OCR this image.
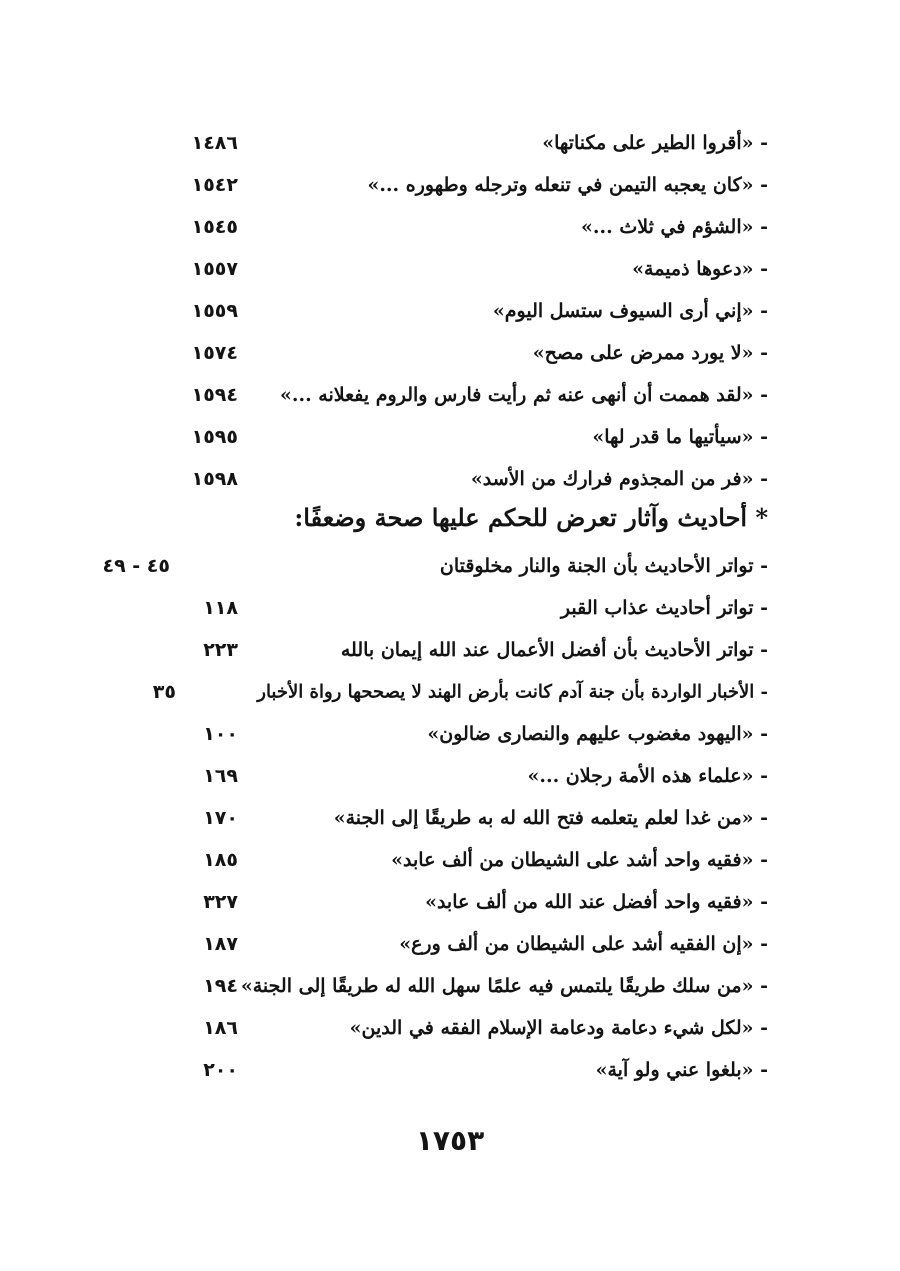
- «أقروا الطير على مكناتها»
١٤٨٦
- «كان يعجبه التيمن في تنعله وترجله وطهوره ...»
١٥٤٢
- «الشؤم في ثلاث ...»
١٥٤٥
- «دعوها ذميمة»
١٥٥٧
- «إني أرى السيوف ستسل اليوم»
١٥٥٩
- «لا يورد ممرض على مصح»
١٥٧٤
- «لقد هممت أن أنهى عنه ثم رأيت فارس والروم يفعلانه ...»
١٥٩٤
- «سيأتيها ما قدر لها»
١٥٩٥
- «فر من المجذوم فرارك من الأسد»
١٥٩٨
* أحاديث وآثار تعرض للحكم عليها صحة وضعفًا:
- تواتر الأحاديث بأن الجنة والنار مخلوقتان
٤٥ - ٤٩
- تواتر أحاديث عذاب القبر
١١٨
- تواتر الأحاديث بأن أفضل الأعمال عند الله إيمان بالله
٢٢٣
- الأخبار الواردة بأن جنة آدم كانت بأرض الهند لا يصححها رواة الأخبار
٣٥
- «اليهود مغضوب عليهم والنصارى ضالون»
١٠٠
- «علماء هذه الأمة رجلان ...»
١٦٩
- «من غدا لعلم يتعلمه فتح الله له به طريقًا إلى الجنة»
١٧٠
- «فقيه واحد أشد على الشيطان من ألف عابد»
١٨٥
- «فقيه واحد أفضل عند الله من ألف عابد»
٣٢٧
- «إن الفقيه أشد على الشيطان من ألف ورع»
١٨٧
- «من سلك طريقًا يلتمس فيه علمًا سهل الله له طريقًا إلى الجنة»
١٩٤
- «لكل شيء دعامة ودعامة الإسلام الفقه في الدين»
١٨٦
- «بلغوا عني ولو آية»
٢٠٠
١٧٥٣
